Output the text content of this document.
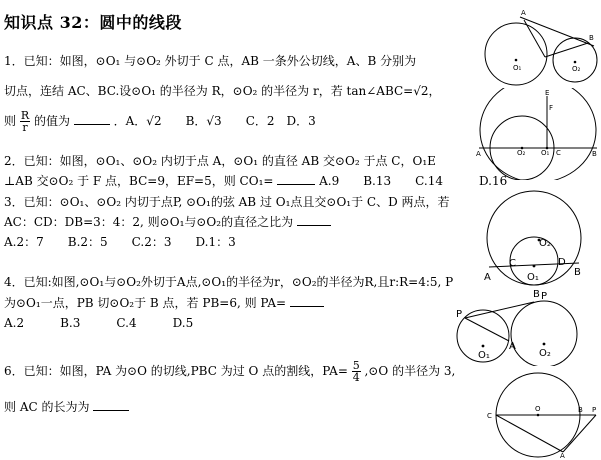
知识点 32：圆中的线段
1．已知：如图，⊙O₁ 与⊙O₂ 外切于 C 点，AB 一条外公切线，A、B 分别为
切点，连结 AC、BC.设⊙O₁ 的半径为 R，⊙O₂ 的半径为 r，若 tan∠ABC=√2，
则 $\frac{R}{r}$ 的值为	．A．√2　　B．√3　　C．2　D．3
2．已知：如图，⊙O₁、⊙O₂ 内切于点 A，⊙O₁ 的直径 AB 交⊙O₂ 于点 C，O₁E
⊥AB 交⊙O₂ 于 F 点，BC=9，EF=5，则 CO₁=	A.9　　B.13　　C.14　　　D.16
3．已知：⊙O₁、⊙O₂ 内切于点P, ⊙O₁的弦 AB 过 O₁点且交⊙O₁于 C、D 两点，若
AC：CD：DB=3：4：2, 则⊙O₁与⊙O₂的直径之比为
A.2：7　　B.2：5　　C.2：3　　D.1：3
4．已知:如图,⊙O₁与⊙O₂外切于A点,⊙O₁的半径为r，⊙O₂的半径为R,且r:R=4:5, P
为⊙O₁一点，PB 切⊙O₂于 B 点，若 PB=6, 则 PA=
A.2　　　B.3　　　C.4　　　D.5
6．已知：如图，PA 为⊙O 的切线,PBC 为过 O 点的割线，$PA= \frac{5}{4}$ ,⊙O 的半径为 3,
则 AC 的长为为
A
B
O₁	O₂
E
F
A	O₂ O₁ C	B
O₂
A
C	D
B
O₁
B P
P
A
O₁	O₂
C
O	B P
A
